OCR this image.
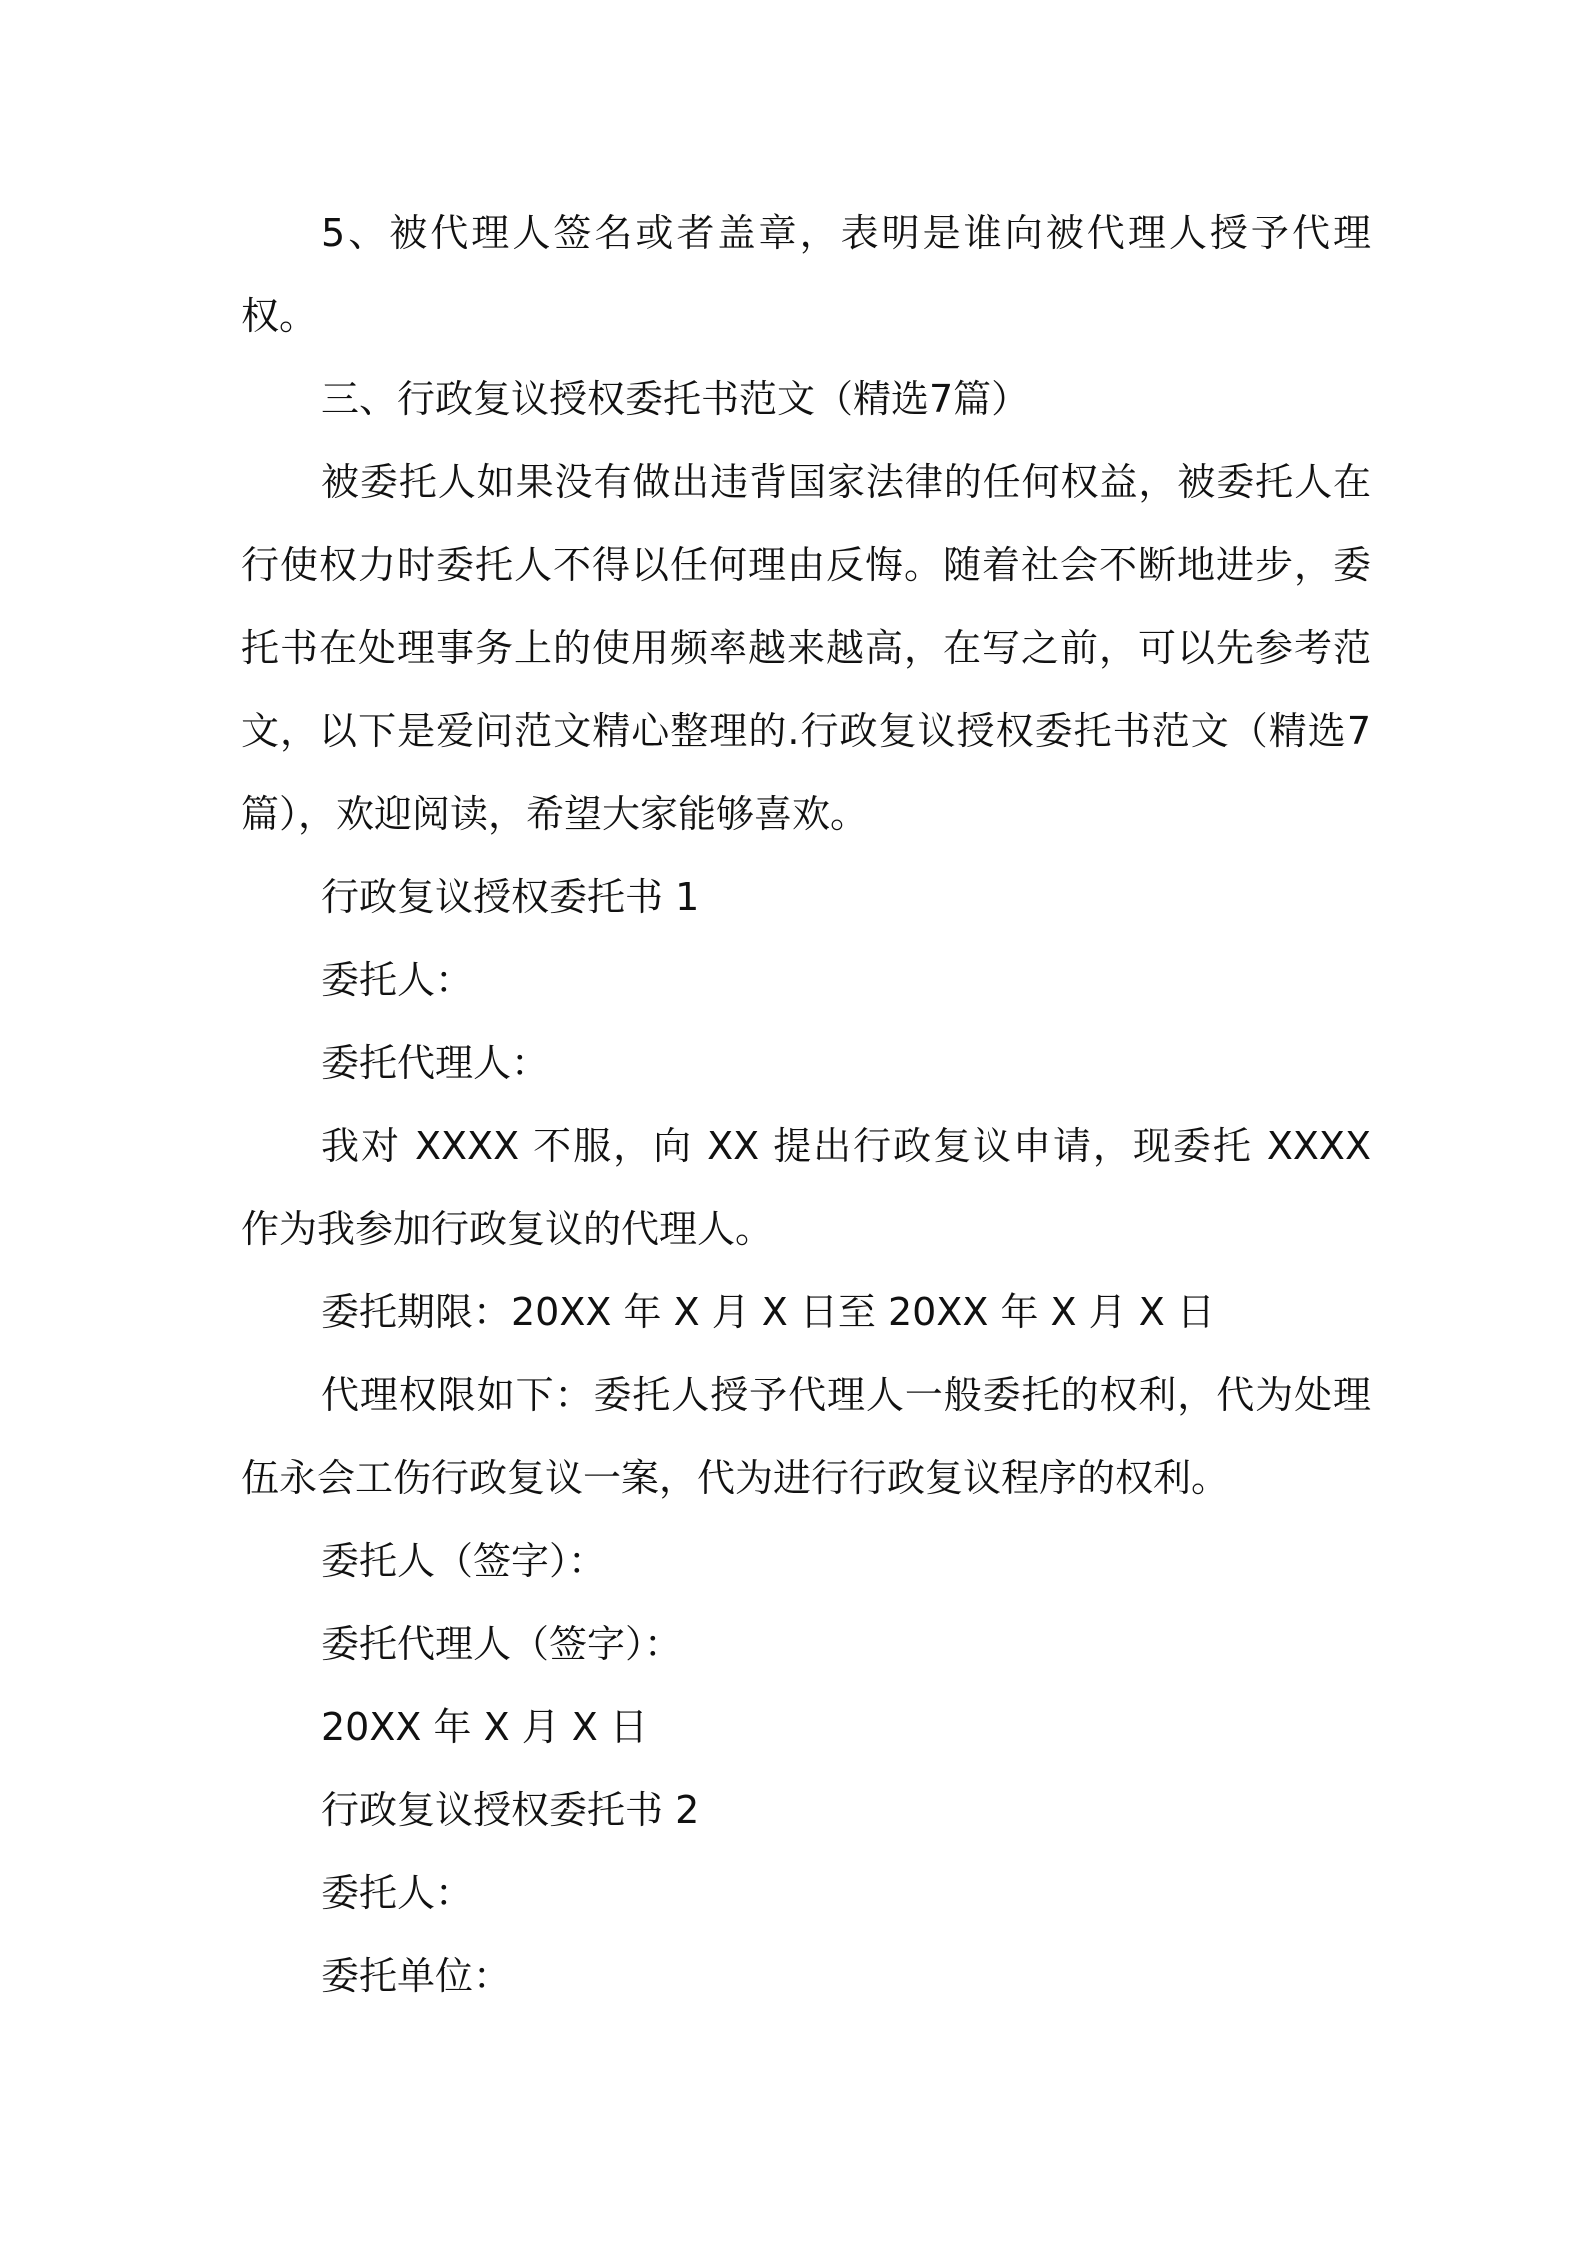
5、被代理人签名或者盖章，表明是谁向被代理人授予代理权。

三、行政复议授权委托书范文（精选7篇）

被委托人如果没有做出违背国家法律的任何权益，被委托人在行使权力时委托人不得以任何理由反悔。随着社会不断地进步，委托书在处理事务上的使用频率越来越高，在写之前，可以先参考范文，以下是爱问范文精心整理的.行政复议授权委托书范文（精选7篇），欢迎阅读，希望大家能够喜欢。

行政复议授权委托书 1

委托人：

委托代理人：

我对 XXXX 不服，向 XX 提出行政复议申请，现委托 XXXX 作为我参加行政复议的代理人。

委托期限：20XX 年 X 月 X 日至 20XX 年 X 月 X 日

代理权限如下：委托人授予代理人一般委托的权利，代为处理伍永会工伤行政复议一案，代为进行行政复议程序的权利。

委托人（签字）：

委托代理人（签字）：

20XX 年 X 月 X 日

行政复议授权委托书 2

委托人：

委托单位：
